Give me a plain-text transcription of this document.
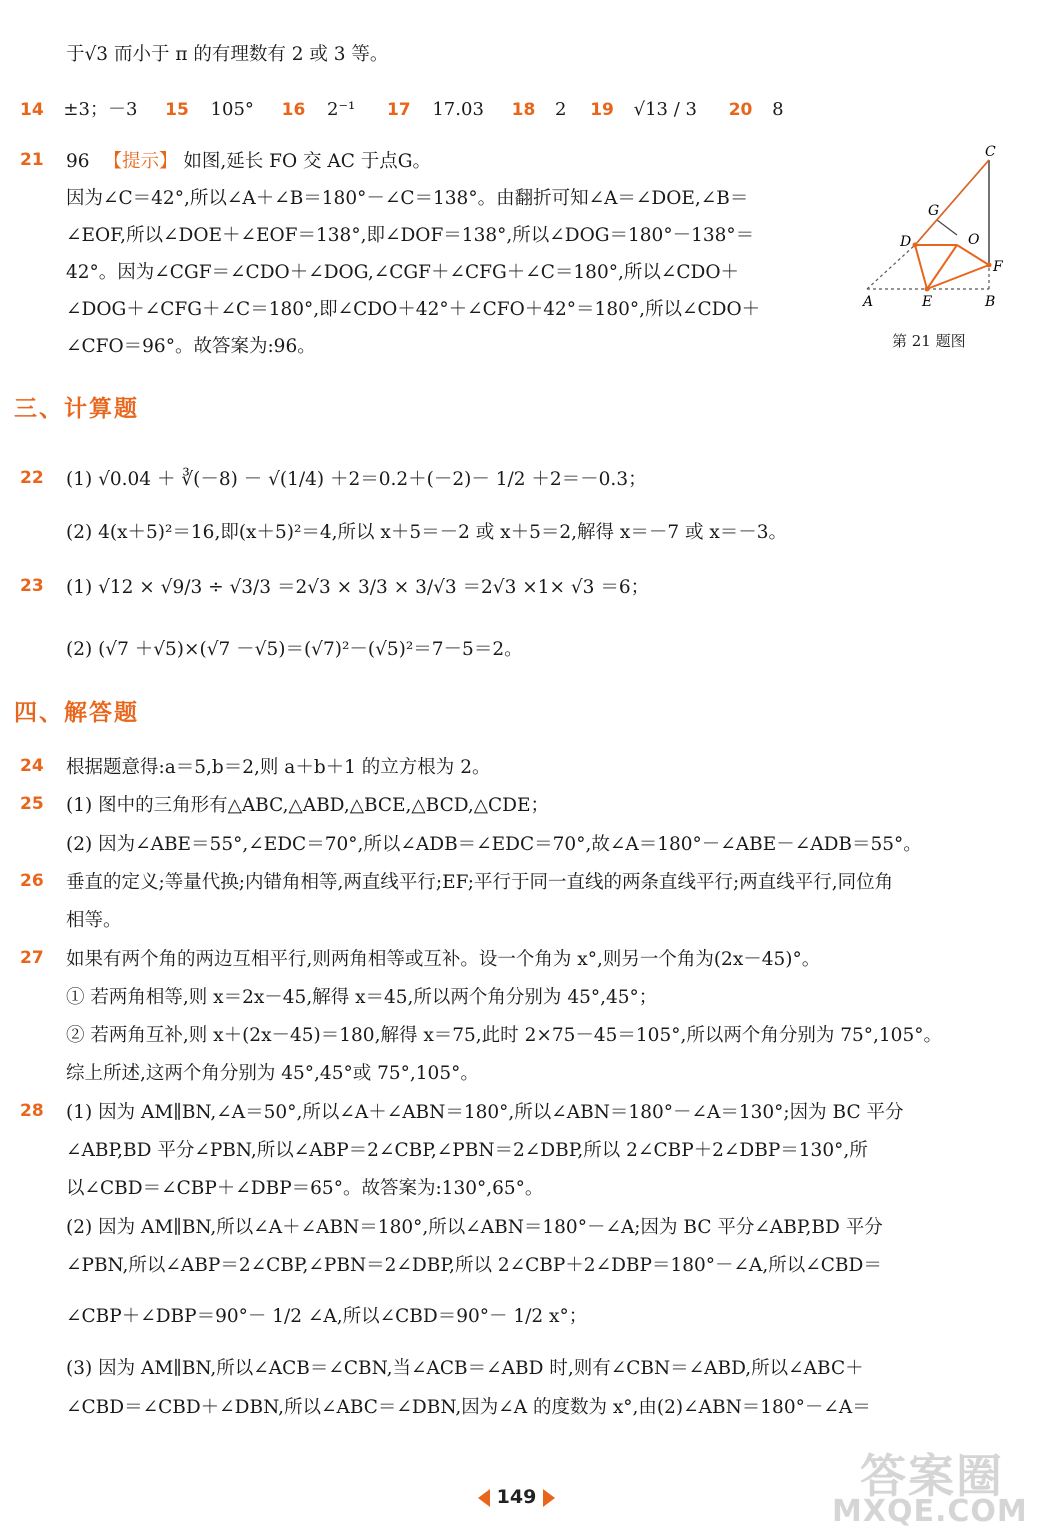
于√3 而小于 π 的有理数有 2 或 3 等。
14 ±3；－3 15 105° 16 2⁻¹ 17 17.03 18 2 19 √13 / 3 20 8
21 96 【提示】 如图,延长 FO 交 AC 于点G。
因为∠C＝42°,所以∠A＋∠B＝180°－∠C＝138°。由翻折可知∠A＝∠DOE,∠B＝
∠EOF,所以∠DOE＋∠EOF＝138°,即∠DOF＝138°,所以∠DOG＝180°－138°＝
42°。因为∠CGF＝∠CDO＋∠DOG,∠CGF＋∠CFG＋∠C＝180°,所以∠CDO＋
∠DOG＋∠CFG＋∠C＝180°,即∠CDO＋42°＋∠CFO＋42°＝180°,所以∠CDO＋
∠CFO＝96°。故答案为:96。
C
G
D	O
F
A	E	B
第 21 题图
三、计算题
22 (1) √0.04 ＋ ∛(－8) － √(1/4) ＋2＝0.2＋(－2)－ 1/2 ＋2＝－0.3；
(2) 4(x＋5)²＝16,即(x＋5)²＝4,所以 x＋5＝－2 或 x＋5＝2,解得 x＝－7 或 x＝－3。
23 (1) √12 × √9/3 ÷ √3/3 ＝2√3 × 3/3 × 3/√3 ＝2√3 ×1× √3 ＝6；
(2) (√7 ＋√5)×(√7 －√5)＝(√7)²－(√5)²＝7－5＝2。
四、解答题
24 根据题意得:a＝5,b＝2,则 a＋b＋1 的立方根为 2。
25 (1) 图中的三角形有△ABC,△ABD,△BCE,△BCD,△CDE；
(2) 因为∠ABE＝55°,∠EDC＝70°,所以∠ADB＝∠EDC＝70°,故∠A＝180°－∠ABE－∠ADB＝55°。
26 垂直的定义;等量代换;内错角相等,两直线平行;EF;平行于同一直线的两条直线平行;两直线平行,同位角
相等。
27 如果有两个角的两边互相平行,则两角相等或互补。设一个角为 x°,则另一个角为(2x－45)°。
① 若两角相等,则 x＝2x－45,解得 x＝45,所以两个角分别为 45°,45°；
② 若两角互补,则 x＋(2x－45)＝180,解得 x＝75,此时 2×75－45＝105°,所以两个角分别为 75°,105°。
综上所述,这两个角分别为 45°,45°或 75°,105°。
28 (1) 因为 AM∥BN,∠A＝50°,所以∠A＋∠ABN＝180°,所以∠ABN＝180°－∠A＝130°;因为 BC 平分
∠ABP,BD 平分∠PBN,所以∠ABP＝2∠CBP,∠PBN＝2∠DBP,所以 2∠CBP＋2∠DBP＝130°,所
以∠CBD＝∠CBP＋∠DBP＝65°。故答案为:130°,65°。
(2) 因为 AM∥BN,所以∠A＋∠ABN＝180°,所以∠ABN＝180°－∠A;因为 BC 平分∠ABP,BD 平分
∠PBN,所以∠ABP＝2∠CBP,∠PBN＝2∠DBP,所以 2∠CBP＋2∠DBP＝180°－∠A,所以∠CBD＝
∠CBP＋∠DBP＝90°－ 1/2 ∠A,所以∠CBD＝90°－ 1/2 x°；
(3) 因为 AM∥BN,所以∠ACB＝∠CBN,当∠ACB＝∠ABD 时,则有∠CBN＝∠ABD,所以∠ABC＋
∠CBD＝∠CBD＋∠DBN,所以∠ABC＝∠DBN,因为∠A 的度数为 x°,由(2)∠ABN＝180°－∠A＝
149	答案圈
MXQE.COM
